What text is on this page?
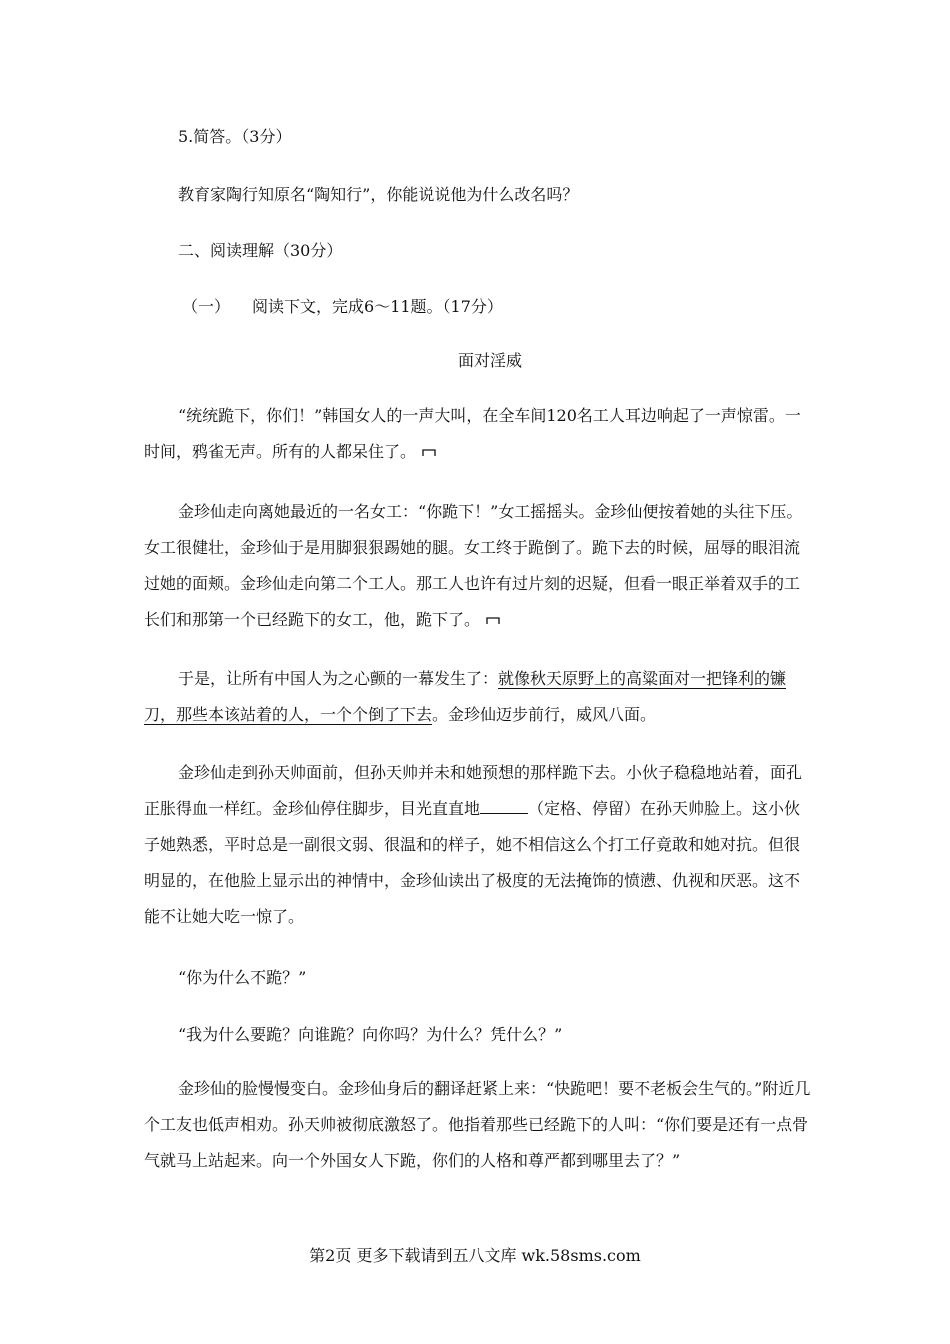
5.简答。（3分）
教育家陶行知原名“陶知行”，你能说说他为什么改名吗？
二、阅读理解（30分）
（一） 阅读下文，完成6～11题。（17分）
面对淫威
“统统跪下，你们！”韩国女人的一声大叫，在全车间120名工人耳边响起了一声惊雷。一时间，鸦雀无声。所有的人都呆住了。
金珍仙走向离她最近的一名女工：“你跪下！”女工摇摇头。金珍仙便按着她的头往下压。女工很健壮，金珍仙于是用脚狠狠踢她的腿。女工终于跪倒了。跪下去的时候，屈辱的眼泪流过她的面颊。金珍仙走向第二个工人。那工人也许有过片刻的迟疑，但看一眼正举着双手的工长们和那第一个已经跪下的女工，他，跪下了。
于是，让所有中国人为之心颤的一幕发生了：就像秋天原野上的高粱面对一把锋利的镰刀，那些本该站着的人，一个个倒了下去。金珍仙迈步前行，威风八面。
金珍仙走到孙天帅面前，但孙天帅并未和她预想的那样跪下去。小伙子稳稳地站着，面孔正胀得血一样红。金珍仙停住脚步，目光直直地	（定格、停留）在孙天帅脸上。这小伙子她熟悉，平时总是一副很文弱、很温和的样子，她不相信这么个打工仔竟敢和她对抗。但很明显的，在他脸上显示出的神情中，金珍仙读出了极度的无法掩饰的愤懑、仇视和厌恶。这不能不让她大吃一惊了。
“你为什么不跪？”
“我为什么要跪？向谁跪？向你吗？为什么？凭什么？”
金珍仙的脸慢慢变白。金珍仙身后的翻译赶紧上来：“快跪吧！要不老板会生气的。”附近几个工友也低声相劝。孙天帅被彻底激怒了。他指着那些已经跪下的人叫：“你们要是还有一点骨气就马上站起来。向一个外国女人下跪，你们的人格和尊严都到哪里去了？”
第2页 更多下载请到五八文库 wk.58sms.com
